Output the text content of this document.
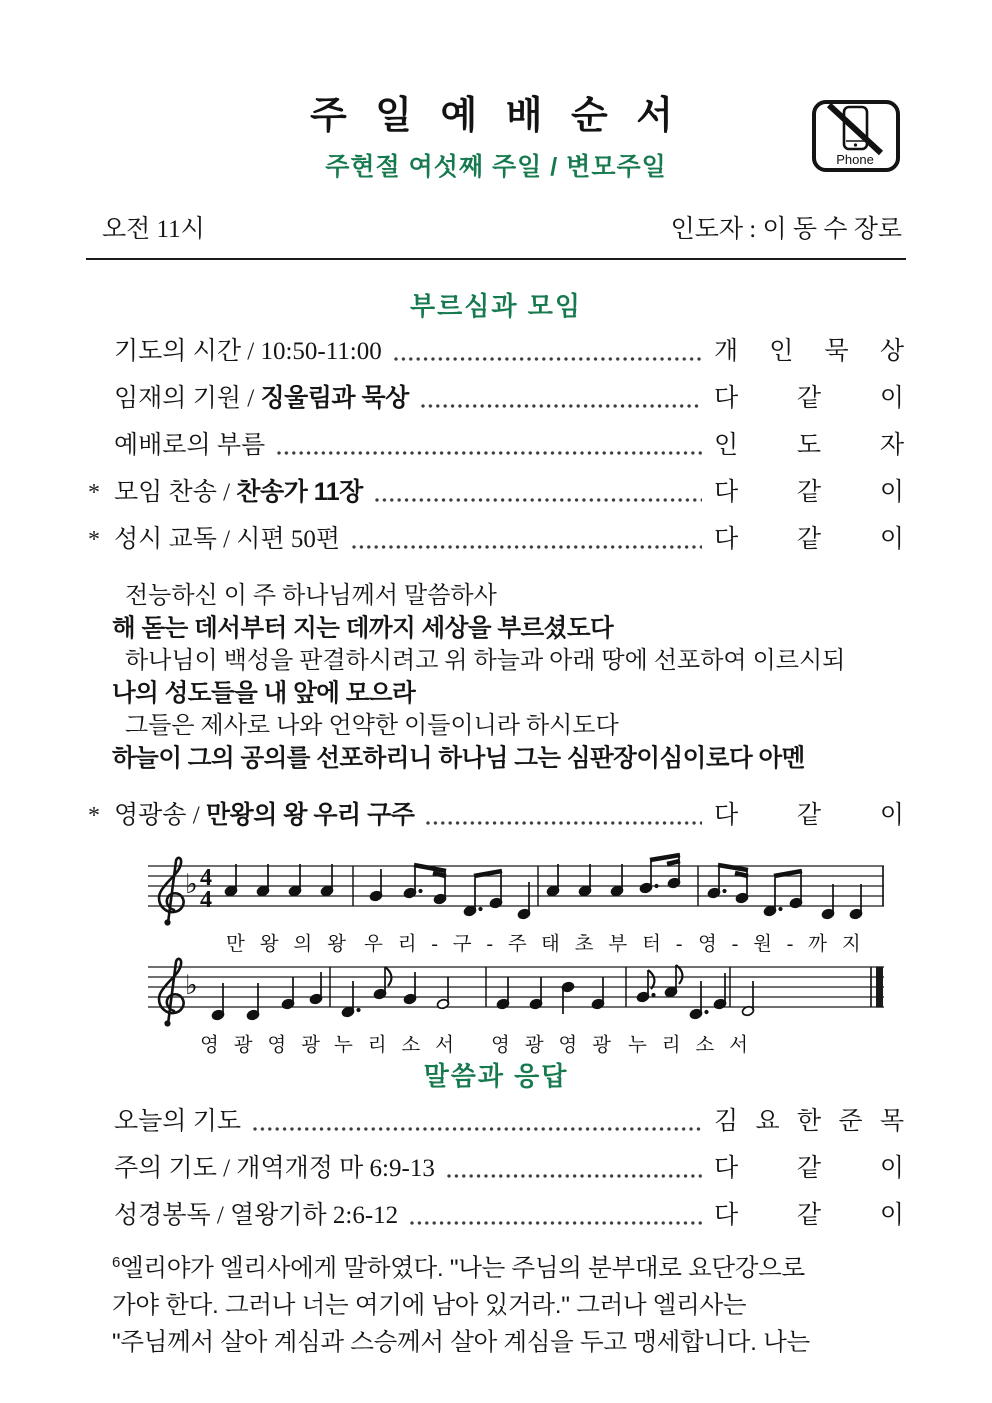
주 일 예 배 순 서
주현절 여섯째 주일 / 변모주일	Phone
오전 11시	인도자 : 이 동 수 장로
부르심과 모임
기도의 시간 / 10:50-11:00	개 인 묵 상
임재의 기원 / 징울림과 묵상	다 같 이
예배로의 부름	인 도 자
* 모임 찬송 / 찬송가 11장	다 같 이
* 성시 교독 / 시편 50편	다 같 이
전능하신 이 주 하나님께서 말씀하사
해 돋는 데서부터 지는 데까지 세상을 부르셨도다
하나님이 백성을 판결하시려고 위 하늘과 아래 땅에 선포하여 이르시되
나의 성도들을 내 앞에 모으라
그들은 제사로 나와 언약한 이들이니라 하시도다
하늘이 그의 공의를 선포하리니 하나님 그는 심판장이심이로다 아멘
* 영광송 / 만왕의 왕 우리 구주	다 같 이
♭ 4
4
만 왕 의 왕 우 리 - 구 - 주 태 초 부 터 - 영 - 원 - 까 지
♭
영 광 영 광 누 리 소 서 영 광 영 광 누 리 소 서
말씀과 응답
오늘의 기도	김 요 한 준 목
주의 기도 / 개역개정 마 6:9-13	다 같 이
성경봉독 / 열왕기하 2:6-12	다 같 이
$^6$엘리야가 엘리사에게 말하였다. "나는 주님의 분부대로 요단강으로
가야 한다. 그러나 너는 여기에 남아 있거라." 그러나 엘리사는
"주님께서 살아 계심과 스승께서 살아 계심을 두고 맹세합니다. 나는
